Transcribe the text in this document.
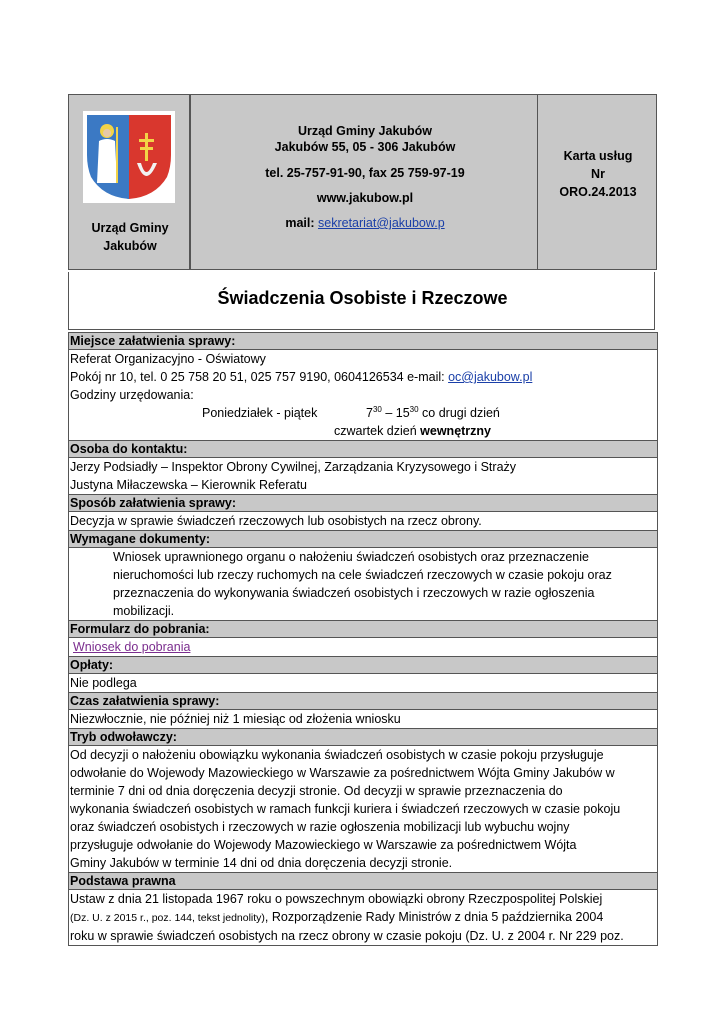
Urząd Gminy
Jakubów
Urząd Gminy Jakubów
Jakubów 55, 05 - 306 Jakubów
tel. 25-757-91-90, fax 25 759-97-19
www.jakubow.pl
mail: sekretariat@jakubow.p
Karta usług
Nr
ORO.24.2013
Świadczenia Osobiste i Rzeczowe
Miejsce załatwienia sprawy:
Referat Organizacyjno - Oświatowy
Pokój nr 10, tel. 0 25 758 20 51, 025 757 9190, 0604126534 e-mail: oc@jakubow.pl
Godziny urzędowania:
Poniedziałek - piątek	$7^{30} - 15^{30}$ co drugi dzień
czwartek dzień wewnętrzny
Osoba do kontaktu:
Jerzy Podsiadły – Inspektor Obrony Cywilnej, Zarządzania Kryzysowego i Straży
Justyna Miłaczewska – Kierownik Referatu
Sposób załatwienia sprawy:
Decyzja w sprawie świadczeń rzeczowych lub osobistych na rzecz obrony.
Wymagane dokumenty:
Wniosek uprawnionego organu o nałożeniu świadczeń osobistych oraz przeznaczenie nieruchomości lub rzeczy ruchomych na cele świadczeń rzeczowych w czasie pokoju oraz przeznaczenia do wykonywania świadczeń osobistych i rzeczowych w razie ogłoszenia mobilizacji.
Formularz do pobrania:
Wniosek do pobrania
Opłaty:
Nie podlega
Czas załatwienia sprawy:
Niezwłocznie, nie później niż 1 miesiąc od złożenia wniosku
Tryb odwoławczy:
Od decyzji o nałożeniu obowiązku wykonania świadczeń osobistych w czasie pokoju przysługuje
odwołanie do Wojewody Mazowieckiego w Warszawie za pośrednictwem Wójta Gminy Jakubów w
terminie 7 dni od dnia doręczenia decyzji stronie. Od decyzji w sprawie przeznaczenia do
wykonania świadczeń osobistych w ramach funkcji kuriera i świadczeń rzeczowych w czasie pokoju
oraz świadczeń osobistych i rzeczowych w razie ogłoszenia mobilizacji lub wybuchu wojny
przysługuje odwołanie do Wojewody Mazowieckiego w Warszawie za pośrednictwem Wójta
Gminy Jakubów w terminie 14 dni od dnia doręczenia decyzji stronie.
Podstawa prawna
Ustaw z dnia 21 listopada 1967 roku o powszechnym obowiązki obrony Rzeczpospolitej Polskiej
(Dz. U. z 2015 r., poz. 144, tekst jednolity), Rozporządzenie Rady Ministrów z dnia 5 października 2004
roku w sprawie świadczeń osobistych na rzecz obrony w czasie pokoju (Dz. U. z 2004 r. Nr 229 poz.
